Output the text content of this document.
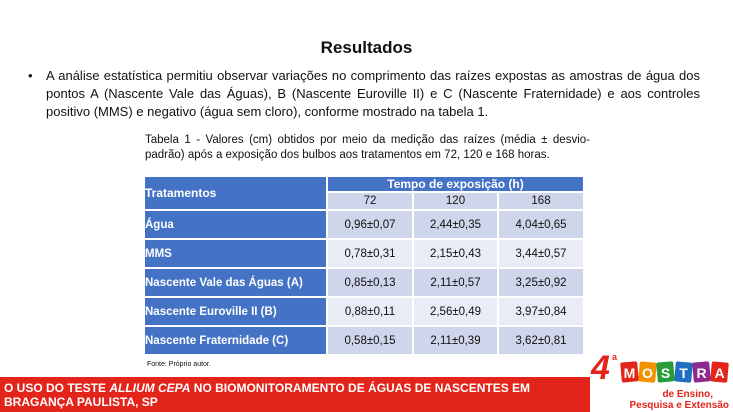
Resultados
•	A análise estatística permitiu observar variações no comprimento das raízes expostas as amostras de água dos pontos A (Nascente Vale das Águas), B (Nascente Euroville II) e C (Nascente Fraternidade) e aos controles positivo (MMS) e negativo (água sem cloro), conforme mostrado na tabela 1.
Tabela 1 - Valores (cm) obtidos por meio da medição das raízes (média ± desvio-padrão) após a exposição dos bulbos aos tratamentos em 72, 120 e 168 horas.
Tratamentos	Tempo de exposição (h)		
	72	120	168
Água	0,96±0,07	2,44±0,35	4,04±0,65
MMS	0,78±0,31	2,15±0,43	3,44±0,57
Nascente Vale das Águas (A)	0,85±0,13	2,11±0,57	3,25±0,92
Nascente Euroville II (B)	0,88±0,11	2,56±0,49	3,97±0,84
Nascente Fraternidade (C)	0,58±0,15	2,11±0,39	3,62±0,81
Fonte: Próprio autor.
O USO DO TESTE ALLIUM CEPA NO BIOMONITORAMENTO DE ÁGUAS DE NASCENTES EM
BRAGANÇA PAULISTA, SP
4 a
M O S T R A
de Ensino,
Pesquisa e Extensão
